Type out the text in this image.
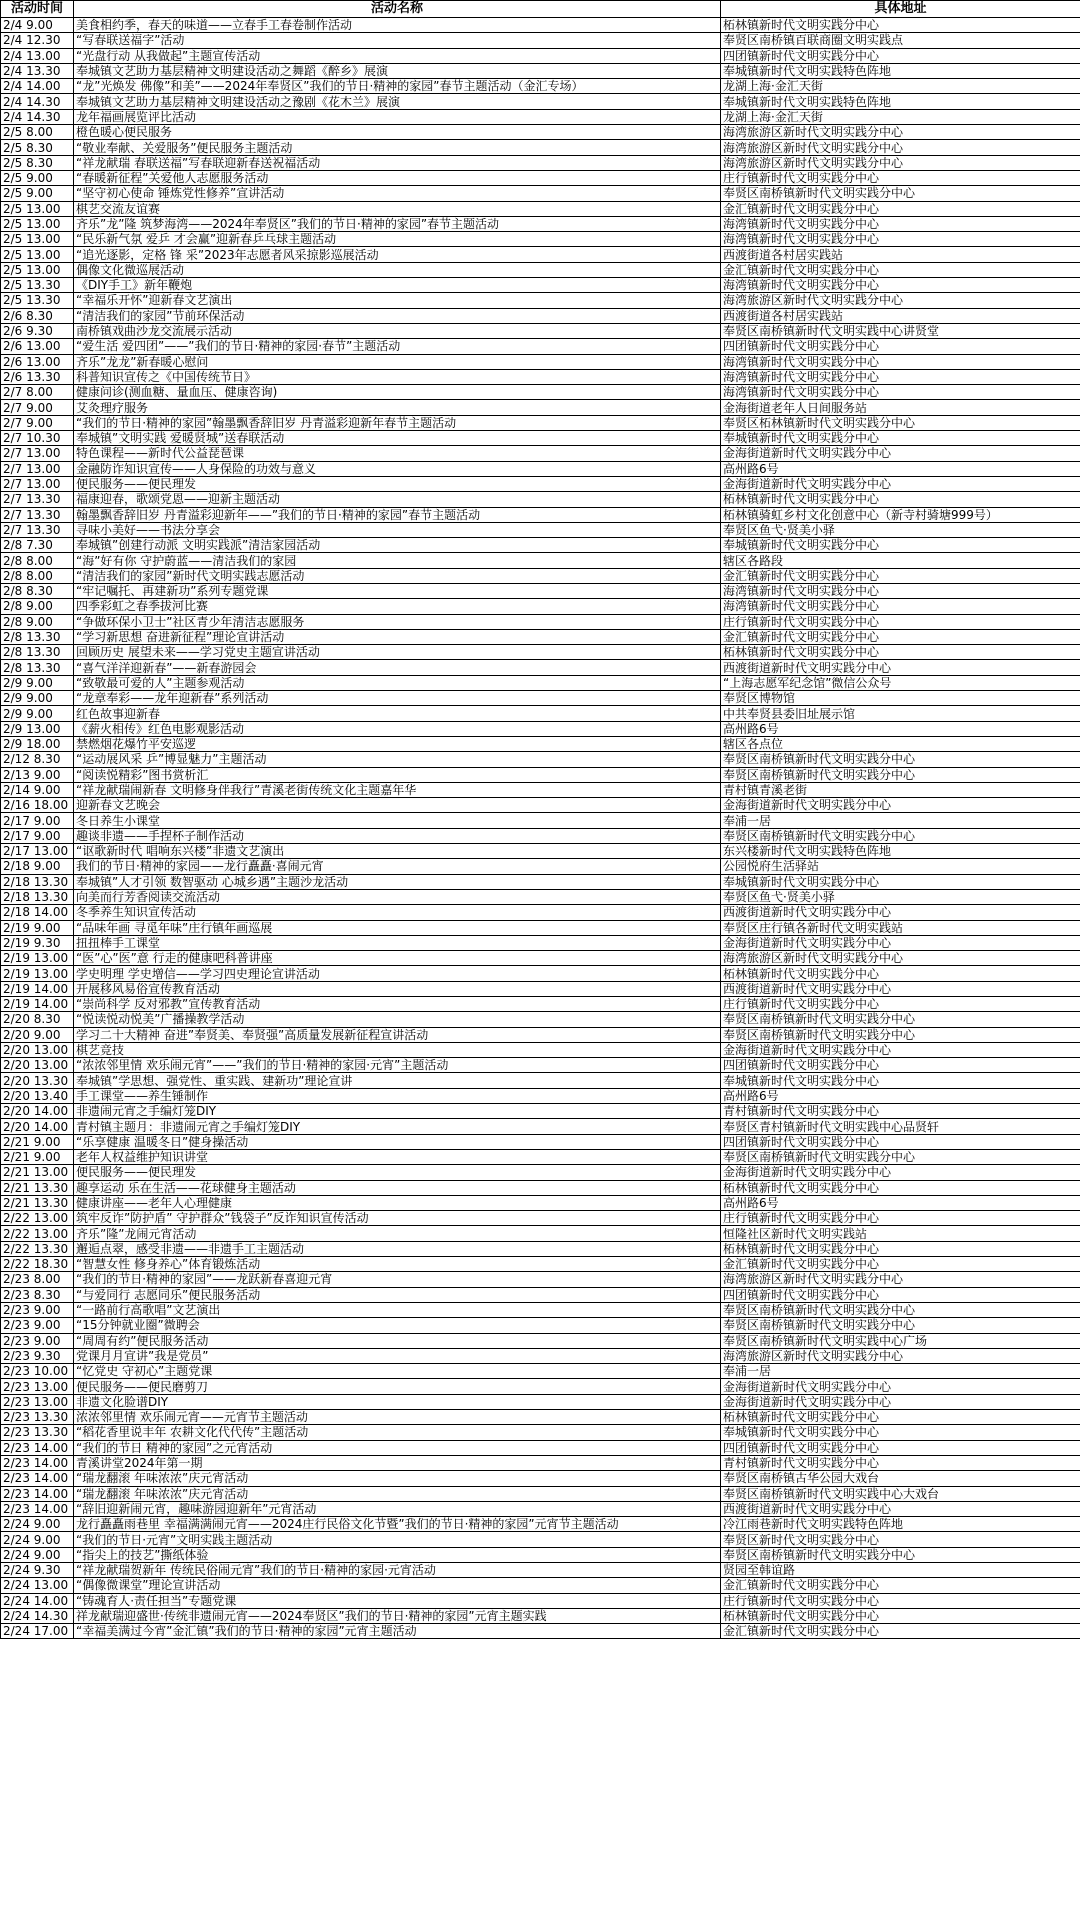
活动时间	活动名称	具体地址
2/4 9.00	美食相约季，春天的味道——立春手工春卷制作活动	柘林镇新时代文明实践分中心
2/4 12.30	“写春联送福字”活动	奉贤区南桥镇百联商圈文明实践点
2/4 13.00	“光盘行动 从我做起”主题宣传活动	四团镇新时代文明实践分中心
2/4 13.30	奉城镇文艺助力基层精神文明建设活动之舞蹈《醉乡》展演	奉城镇新时代文明实践特色阵地
2/4 14.00	“龙”光焕发 佛像”和美”——2024年奉贤区”我们的节日·精神的家园”春节主题活动（金汇专场）	龙湖上海·金汇天街
2/4 14.30	奉城镇文艺助力基层精神文明建设活动之豫剧《花木兰》展演	奉城镇新时代文明实践特色阵地
2/4 14.30	龙年福画展览评比活动	龙湖上海·金汇天街
2/5 8.00	橙色暖心便民服务	海湾旅游区新时代文明实践分中心
2/5 8.30	“敬业奉献、关爱服务”便民服务主题活动	海湾旅游区新时代文明实践分中心
2/5 8.30	“祥龙献瑞 春联送福”写春联迎新春送祝福活动	海湾旅游区新时代文明实践分中心
2/5 9.00	“春暖新征程”关爱他人志愿服务活动	庄行镇新时代文明实践分中心
2/5 9.00	“坚守初心使命 锤炼党性修养”宣讲活动	奉贤区南桥镇新时代文明实践分中心
2/5 13.00	棋艺交流友谊赛	金汇镇新时代文明实践分中心
2/5 13.00	齐乐”龙”隆 筑梦海湾——2024年奉贤区”我们的节日·精神的家园”春节主题活动	海湾镇新时代文明实践分中心
2/5 13.00	“民乐新气氛 爱乒 才会赢”迎新春乒乓球主题活动	海湾镇新时代文明实践分中心
2/5 13.00	“追光逐影，定格 锋 采”2023年志愿者风采掠影巡展活动	西渡街道各村居实践站
2/5 13.00	偶像文化微巡展活动	金汇镇新时代文明实践分中心
2/5 13.30	《DIY手工》新年鞭炮	海湾镇新时代文明实践分中心
2/5 13.30	“幸福乐开怀”迎新春文艺演出	海湾旅游区新时代文明实践分中心
2/6 8.30	“清洁我们的家园”节前环保活动	西渡街道各村居实践站
2/6 9.30	南桥镇戏曲沙龙交流展示活动	奉贤区南桥镇新时代文明实践中心讲贤堂
2/6 13.00	“爱生活 爱四团”——”我们的节日·精神的家园·春节”主题活动	四团镇新时代文明实践分中心
2/6 13.00	齐乐”龙龙”新春暖心慰问	海湾镇新时代文明实践分中心
2/6 13.30	科普知识宣传之《中国传统节日》	海湾镇新时代文明实践分中心
2/7 8.00	健康问诊(测血糖、量血压、健康咨询)	海湾镇新时代文明实践分中心
2/7 9.00	艾灸理疗服务	金海街道老年人日间服务站
2/7 9.00	“我们的节日·精神的家园”翰墨飘香辞旧岁 丹青溢彩迎新年春节主题活动	奉贤区柘林镇新时代文明实践分中心
2/7 10.30	奉城镇”文明实践 爱暖贤城”送春联活动	奉城镇新时代文明实践分中心
2/7 13.00	特色课程——新时代公益琵琶课	金海街道新时代文明实践分中心
2/7 13.00	金融防诈知识宣传——人身保险的功效与意义	高州路6号
2/7 13.00	便民服务——便民理发	金海街道新时代文明实践分中心
2/7 13.30	福康迎春，歌颂党恩——迎新主题活动	柘林镇新时代文明实践分中心
2/7 13.30	翰墨飘香辞旧岁 丹青溢彩迎新年——”我们的节日·精神的家园”春节主题活动	柘林镇骑虹乡村文化创意中心（新寺村骑塘999号）
2/7 13.30	寻味小美好——书法分享会	奉贤区鱼弋·贤美小驿
2/8 7.30	奉城镇”创建行动派 文明实践派”清洁家园活动	奉城镇新时代文明实践分中心
2/8 8.00	“海”好有你 守护蔚蓝——清洁我们的家园	辖区各路段
2/8 8.00	“清洁我们的家园”新时代文明实践志愿活动	金汇镇新时代文明实践分中心
2/8 8.30	“牢记嘱托、再建新功”系列专题党课	海湾镇新时代文明实践分中心
2/8 9.00	四季彩虹之春季拔河比赛	海湾镇新时代文明实践分中心
2/8 9.00	“争做环保小卫士”社区青少年清洁志愿服务	庄行镇新时代文明实践分中心
2/8 13.30	“学习新思想 奋进新征程”理论宣讲活动	金汇镇新时代文明实践分中心
2/8 13.30	回顾历史 展望未来——学习党史主题宣讲活动	柘林镇新时代文明实践分中心
2/8 13.30	“喜气洋洋迎新春”——新春游园会	西渡街道新时代文明实践分中心
2/9 9.00	“致敬最可爱的人”主题参观活动	“上海志愿军纪念馆”微信公众号
2/9 9.00	“龙章奉彩——龙年迎新春”系列活动	奉贤区博物馆
2/9 9.00	红色故事迎新春	中共奉贤县委旧址展示馆
2/9 13.00	《薪火相传》红色电影观影活动	高州路6号
2/9 18.00	禁燃烟花爆竹平安巡逻	辖区各点位
2/12 8.30	“运动展风采 乒”博显魅力”主题活动	奉贤区南桥镇新时代文明实践分中心
2/13 9.00	“阅读悦精彩”图书赏析汇	奉贤区南桥镇新时代文明实践分中心
2/14 9.00	“祥龙献瑞闹新春 文明修身伴我行”青溪老街传统文化主题嘉年华	青村镇青溪老街
2/16 18.00	迎新春文艺晚会	金海街道新时代文明实践分中心
2/17 9.00	冬日养生小课堂	奉浦一居
2/17 9.00	趣谈非遗——手捏杯子制作活动	奉贤区南桥镇新时代文明实践分中心
2/17 13.00	“讴歌新时代 唱响东兴楼”非遗文艺演出	东兴楼新时代文明实践特色阵地
2/18 9.00	我们的节日·精神的家园——龙行矗矗·喜闹元宵	公园悦府生活驿站
2/18 13.30	奉城镇”人才引领 数智驱动 心城乡遇”主题沙龙活动	奉城镇新时代文明实践分中心
2/18 13.30	向美而行芳香阅读交流活动	奉贤区鱼弋·贤美小驿
2/18 14.00	冬季养生知识宣传活动	西渡街道新时代文明实践分中心
2/19 9.00	“品味年画 寻觅年味”庄行镇年画巡展	奉贤区庄行镇各新时代文明实践站
2/19 9.30	扭扭棒手工课堂	金海街道新时代文明实践分中心
2/19 13.00	“医”心”医”意 行走的健康吧科普讲座	海湾旅游区新时代文明实践分中心
2/19 13.00	学史明理 学史增信——学习四史理论宣讲活动	柘林镇新时代文明实践分中心
2/19 14.00	开展移风易俗宣传教育活动	西渡街道新时代文明实践分中心
2/19 14.00	“崇尚科学 反对邪教”宣传教育活动	庄行镇新时代文明实践分中心
2/20 8.30	“悦读悦动悦美”广播操教学活动	奉贤区南桥镇新时代文明实践分中心
2/20 9.00	学习二十大精神 奋进”奉贤美、奉贤强”高质量发展新征程宣讲活动	奉贤区南桥镇新时代文明实践分中心
2/20 13.00	棋艺竞技	金海街道新时代文明实践分中心
2/20 13.00	“浓浓邻里情 欢乐闹元宵”——”我们的节日·精神的家园·元宵”主题活动	四团镇新时代文明实践分中心
2/20 13.30	奉城镇”学思想、强党性、重实践、建新功”理论宣讲	奉城镇新时代文明实践分中心
2/20 13.40	手工课堂——养生锤制作	高州路6号
2/20 14.00	非遗闹元宵之手编灯笼DIY	青村镇新时代文明实践分中心
2/20 14.00	青村镇主题月：非遗闹元宵之手编灯笼DIY	奉贤区青村镇新时代文明实践中心品贤轩
2/21 9.00	“乐享健康 温暖冬日”健身操活动	四团镇新时代文明实践分中心
2/21 9.00	老年人权益维护知识讲堂	奉贤区南桥镇新时代文明实践分中心
2/21 13.00	便民服务——便民理发	金海街道新时代文明实践分中心
2/21 13.30	趣享运动 乐在生活——花球健身主题活动	柘林镇新时代文明实践分中心
2/21 13.30	健康讲座——老年人心理健康	高州路6号
2/22 13.00	筑牢反诈”防护盾” 守护群众”钱袋子”反诈知识宣传活动	庄行镇新时代文明实践分中心
2/22 13.00	齐乐”隆”龙闹元宵活动	恒隆社区新时代文明实践站
2/22 13.30	邂逅点翠，感受非遗——非遗手工主题活动	柘林镇新时代文明实践分中心
2/22 18.30	“智慧女性 修身养心”体育锻炼活动	金汇镇新时代文明实践分中心
2/23 8.00	“我们的节日·精神的家园”——龙跃新春喜迎元宵	海湾旅游区新时代文明实践分中心
2/23 8.30	“与爱同行 志愿同乐”便民服务活动	四团镇新时代文明实践分中心
2/23 9.00	“一路前行高歌唱”文艺演出	奉贤区南桥镇新时代文明实践分中心
2/23 9.00	“15分钟就业圈”微聘会	奉贤区南桥镇新时代文明实践分中心
2/23 9.00	“周周有约”便民服务活动	奉贤区南桥镇新时代文明实践中心广场
2/23 9.30	党课月月宣讲”我是党员”	海湾旅游区新时代文明实践分中心
2/23 10.00	“忆党史 守初心”主题党课	奉浦一居
2/23 13.00	便民服务——便民磨剪刀	金海街道新时代文明实践分中心
2/23 13.00	非遗文化脸谱DIY	金海街道新时代文明实践分中心
2/23 13.30	浓浓邻里情 欢乐闹元宵——元宵节主题活动	柘林镇新时代文明实践分中心
2/23 13.30	“稻花香里说丰年 农耕文化代代传”主题活动	奉城镇新时代文明实践分中心
2/23 14.00	“我们的节日 精神的家园”之元宵活动	四团镇新时代文明实践分中心
2/23 14.00	青溪讲堂2024年第一期	青村镇新时代文明实践分中心
2/23 14.00	“瑞龙翻滚 年味浓浓”庆元宵活动	奉贤区南桥镇古华公园大戏台
2/23 14.00	“瑞龙翻滚 年味浓浓”庆元宵活动	奉贤区南桥镇新时代文明实践中心大戏台
2/23 14.00	“辞旧迎新闹元宵，趣味游园迎新年”元宵活动	西渡街道新时代文明实践分中心
2/24 9.00	龙行矗矗雨巷里 幸福满满闹元宵——2024庄行民俗文化节暨”我们的节日·精神的家园”元宵节主题活动	冷江雨巷新时代文明实践特色阵地
2/24 9.00	“我们的节日·元宵”文明实践主题活动	奉贤区新时代文明实践分中心
2/24 9.00	“指尖上的技艺”撕纸体验	奉贤区南桥镇新时代文明实践分中心
2/24 9.30	“祥龙献瑞贺新年 传统民俗闹元宵”我们的节日·精神的家园·元宵活动	贤园至韩谊路
2/24 13.00	“偶像微课堂”理论宣讲活动	金汇镇新时代文明实践分中心
2/24 14.00	“铸魂育人·责任担当”专题党课	庄行镇新时代文明实践分中心
2/24 14.30	祥龙献瑞迎盛世·传统非遗闹元宵——2024奉贤区”我们的节日·精神的家园”元宵主题实践	柘林镇新时代文明实践分中心
2/24 17.00	“幸福美满过今宵”金汇镇”我们的节日·精神的家园”元宵主题活动	金汇镇新时代文明实践分中心
